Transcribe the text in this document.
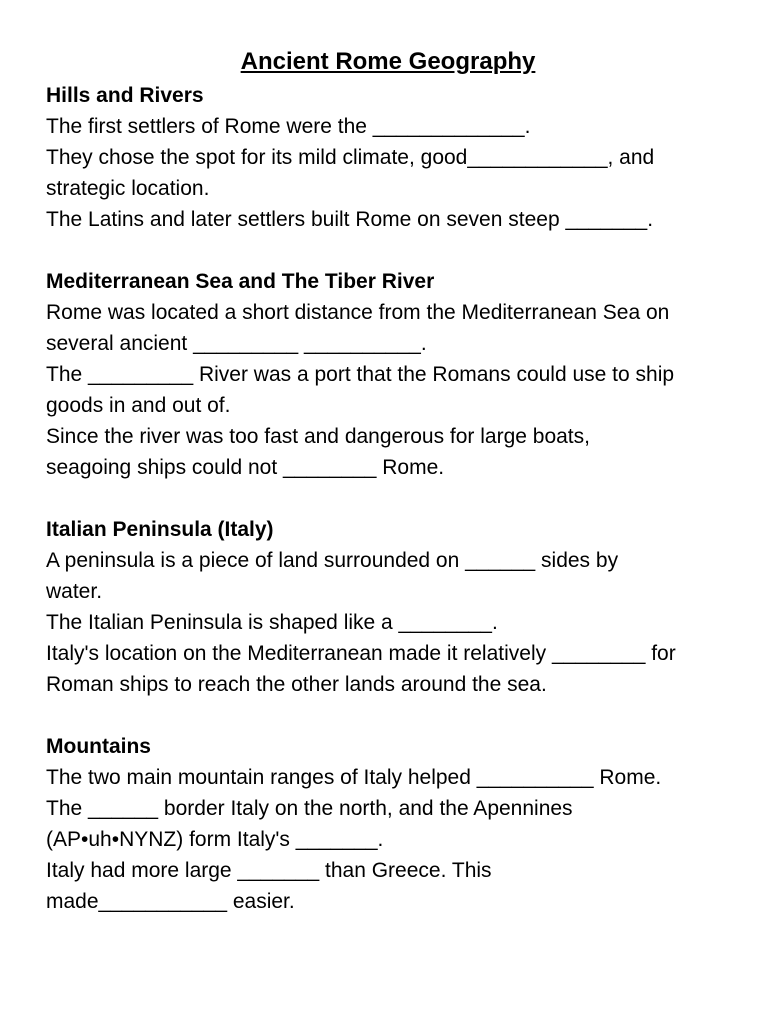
Ancient Rome Geography

Hills and Rivers

The first settlers of Rome were the _____________.

They chose the spot for its mild climate, good____________, and

strategic location.

The Latins and later settlers built Rome on seven steep _______.

Mediterranean Sea and The Tiber River

Rome was located a short distance from the Mediterranean Sea on

several ancient _________ __________.

The _________ River was a port that the Romans could use to ship

goods in and out of.

Since the river was too fast and dangerous for large boats,

seagoing ships could not ________ Rome.

Italian Peninsula (Italy)

A peninsula is a piece of land surrounded on ______ sides by

water.

The Italian Peninsula is shaped like a ________.

Italy's location on the Mediterranean made it relatively ________ for

Roman ships to reach the other lands around the sea.

Mountains

The two main mountain ranges of Italy helped __________ Rome.

The ______ border Italy on the north, and the Apennines

(AP•uh•NYNZ) form Italy's _______.

Italy had more large _______ than Greece. This

made___________ easier.
